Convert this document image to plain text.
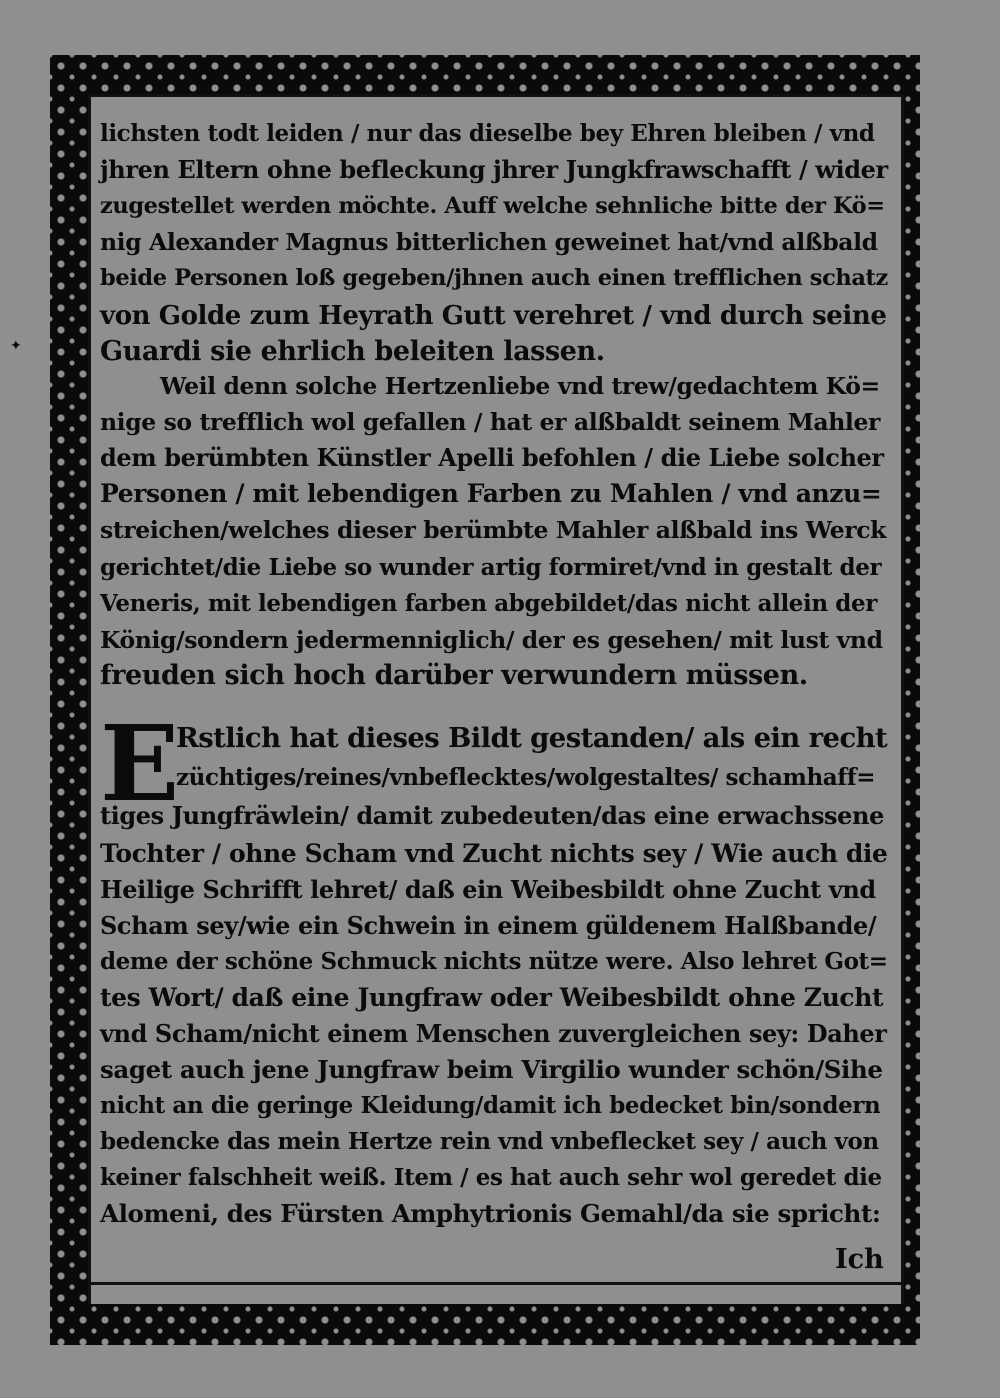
✦
lichsten todt leiden / nur das dieselbe bey Ehren bleiben / vnd
jhren Eltern ohne befleckung jhrer Jungkfrawschafft / wider
zugestellet werden möchte. Auff welche sehnliche bitte der Kö=
nig Alexander Magnus bitterlichen geweinet hat/vnd alßbald
beide Personen loß gegeben/jhnen auch einen trefflichen schatz
von Golde zum Heyrath Gutt verehret / vnd durch seine
Guardi sie ehrlich beleiten lassen.
Weil denn solche Hertzenliebe vnd trew/gedachtem Kö=
nige so trefflich wol gefallen / hat er alßbaldt seinem Mahler
dem berümbten Künstler Apelli befohlen / die Liebe solcher
Personen / mit lebendigen Farben zu Mahlen / vnd anzu=
streichen/welches dieser berümbte Mahler alßbald ins Werck
gerichtet/die Liebe so wunder artig formiret/vnd in gestalt der
Veneris, mit lebendigen farben abgebildet/das nicht allein der
König/sondern jedermenniglich/ der es gesehen/ mit lust vnd
freuden sich hoch darüber verwundern müssen.
E
Rstlich hat dieses Bildt gestanden/ als ein recht
züchtiges/reines/vnbeflecktes/wolgestaltes/ schamhaff=
tiges Jungfräwlein/ damit zubedeuten/das eine erwachssene
Tochter / ohne Scham vnd Zucht nichts sey / Wie auch die
Heilige Schrifft lehret/ daß ein Weibesbildt ohne Zucht vnd
Scham sey/wie ein Schwein in einem güldenem Halßbande/
deme der schöne Schmuck nichts nütze were. Also lehret Got=
tes Wort/ daß eine Jungfraw oder Weibesbildt ohne Zucht
vnd Scham/nicht einem Menschen zuvergleichen sey: Daher
saget auch jene Jungfraw beim Virgilio wunder schön/Sihe
nicht an die geringe Kleidung/damit ich bedecket bin/sondern
bedencke das mein Hertze rein vnd vnbeflecket sey / auch von
keiner falschheit weiß. Item / es hat auch sehr wol geredet die
Alomeni, des Fürsten Amphytrionis Gemahl/da sie spricht:
Ich
